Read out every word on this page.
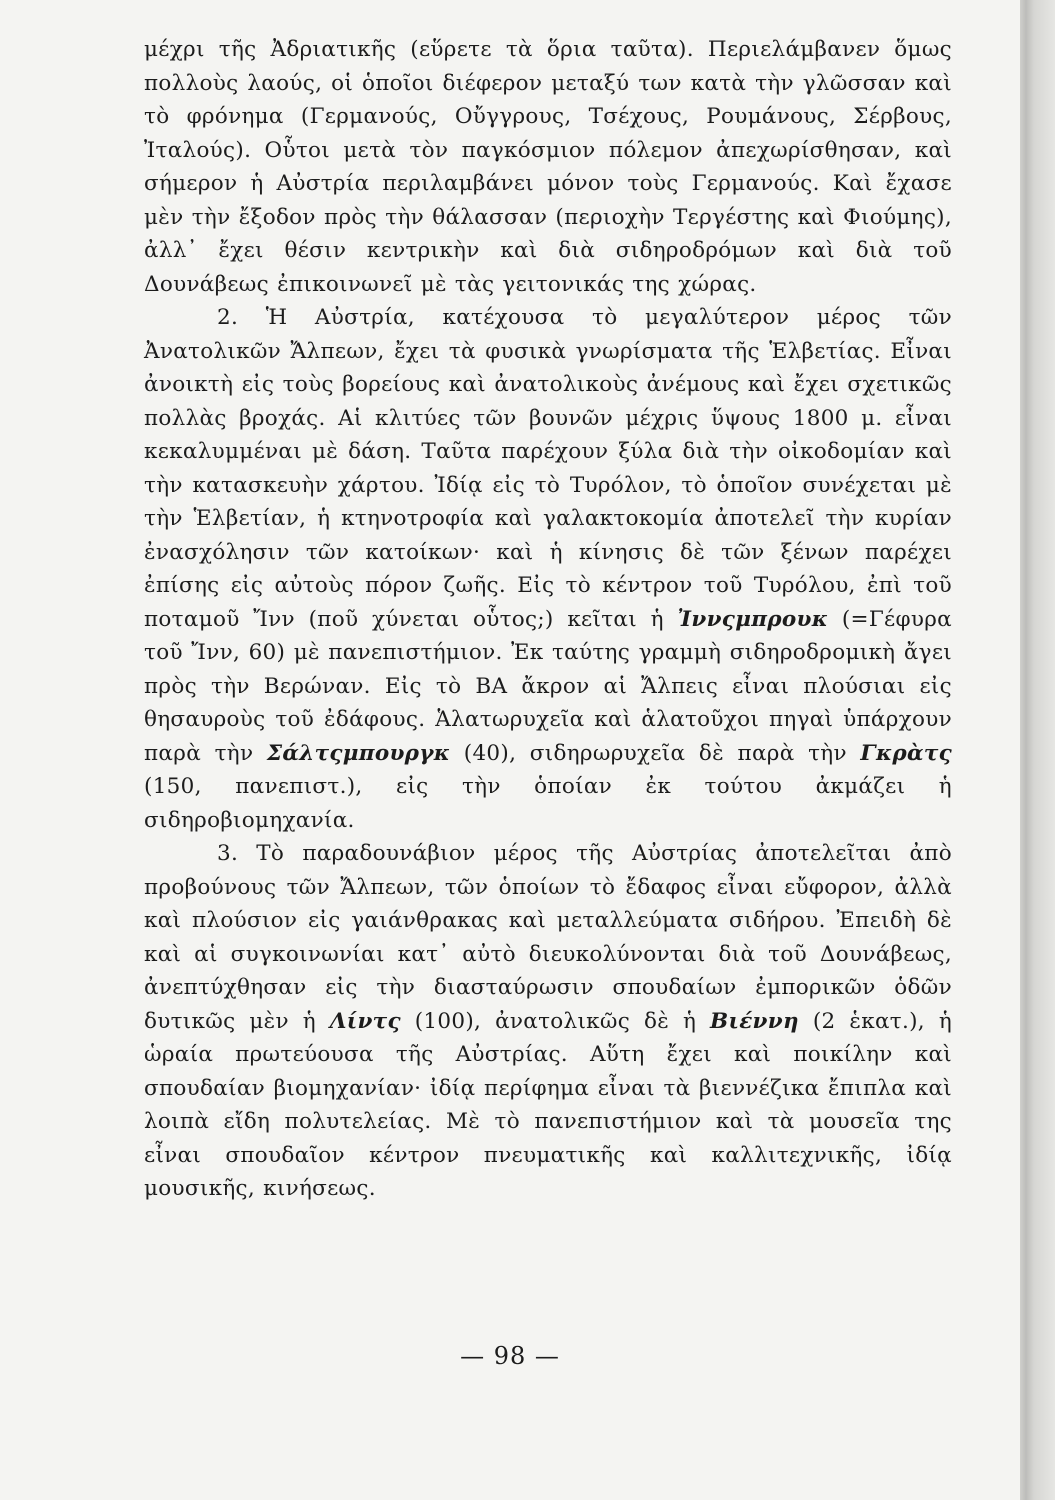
μέχρι τῆς Ἀδριατικῆς (εὕρετε τὰ ὅρια ταῦτα). Περιελάμβανεν ὅμως πολλοὺς λαούς, οἱ ὁποῖοι διέφερον μεταξύ των κατὰ τὴν γλῶσσαν καὶ τὸ φρόνημα (Γερμανούς, Οὔγγρους, Τσέχους, Ρουμάνους, Σέρβους, Ἰταλούς). Οὗτοι μετὰ τὸν παγκόσμιον πόλεμον ἀπεχωρίσθησαν, καὶ σήμερον ἡ Αὐστρία περιλαμβάνει μόνον τοὺς Γερμανούς. Καὶ ἔχασε μὲν τὴν ἔξοδον πρὸς τὴν θάλασσαν (περιοχὴν Τεργέστης καὶ Φιούμης), ἀλλ᾽ ἔχει θέσιν κεντρικὴν καὶ διὰ σιδηροδρόμων καὶ διὰ τοῦ Δουνάβεως ἐπικοινωνεῖ μὲ τὰς γειτονικάς της χώρας.

2. Ἡ Αὐστρία, κατέχουσα τὸ μεγαλύτερον μέρος τῶν Ἀνατολικῶν Ἄλπεων, ἔχει τὰ φυσικὰ γνωρίσματα τῆς Ἑλβετίας. Εἶναι ἀνοικτὴ εἰς τοὺς βορείους καὶ ἀνατολικοὺς ἀνέμους καὶ ἔχει σχετικῶς πολλὰς βροχάς. Αἱ κλιτύες τῶν βουνῶν μέχρις ὕψους 1800 μ. εἶναι κεκαλυμμέναι μὲ δάση. Ταῦτα παρέχουν ξύλα διὰ τὴν οἰκοδομίαν καὶ τὴν κατασκευὴν χάρτου. Ἰδίᾳ εἰς τὸ Τυρόλον, τὸ ὁποῖον συνέχεται μὲ τὴν Ἑλβετίαν, ἡ κτηνοτροφία καὶ γαλακτοκομία ἀποτελεῖ τὴν κυρίαν ἐνασχόλησιν τῶν κατοίκων· καὶ ἡ κίνησις δὲ τῶν ξένων παρέχει ἐπίσης εἰς αὐτοὺς πόρον ζωῆς. Εἰς τὸ κέντρον τοῦ Τυρόλου, ἐπὶ τοῦ ποταμοῦ Ἴνν (ποῦ χύνεται οὗτος;) κεῖται ἡ Ἰννςμπρουκ (=Γέφυρα τοῦ Ἴνν, 60) μὲ πανεπιστήμιον. Ἐκ ταύτης γραμμὴ σιδηροδρομικὴ ἄγει πρὸς τὴν Βερώναν. Εἰς τὸ ΒΑ ἄκρον αἱ Ἄλπεις εἶναι πλούσιαι εἰς θησαυροὺς τοῦ ἐδάφους. Ἁλατωρυχεῖα καὶ ἁλατοῦχοι πηγαὶ ὑπάρχουν παρὰ τὴν Σάλτςμπουργκ (40), σιδηρωρυχεῖα δὲ παρὰ τὴν Γκρὰτς (150, πανεπιστ.), εἰς τὴν ὁποίαν ἐκ τούτου ἀκμάζει ἡ σιδηροβιομηχανία.

3. Τὸ παραδουνάβιον μέρος τῆς Αὐστρίας ἀποτελεῖται ἀπὸ προβούνους τῶν Ἄλπεων, τῶν ὁποίων τὸ ἔδαφος εἶναι εὔφορον, ἀλλὰ καὶ πλούσιον εἰς γαιάνθρακας καὶ μεταλλεύματα σιδήρου. Ἐπειδὴ δὲ καὶ αἱ συγκοινωνίαι κατ᾽ αὐτὸ διευκολύνονται διὰ τοῦ Δουνάβεως, ἀνεπτύχθησαν εἰς τὴν διασταύρωσιν σπουδαίων ἐμπορικῶν ὁδῶν δυτικῶς μὲν ἡ Λίντς (100), ἀνατολικῶς δὲ ἡ Βιέννη (2 ἑκατ.), ἡ ὡραία πρωτεύουσα τῆς Αὐστρίας. Αὕτη ἔχει καὶ ποικίλην καὶ σπουδαίαν βιομηχανίαν· ἰδίᾳ περίφημα εἶναι τὰ βιεννέζικα ἔπιπλα καὶ λοιπὰ εἴδη πολυτελείας. Μὲ τὸ πανεπιστήμιον καὶ τὰ μουσεῖα της εἶναι σπουδαῖον κέντρον πνευματικῆς καὶ καλλιτεχνικῆς, ἰδίᾳ μουσικῆς, κινήσεως.

— 98 —
